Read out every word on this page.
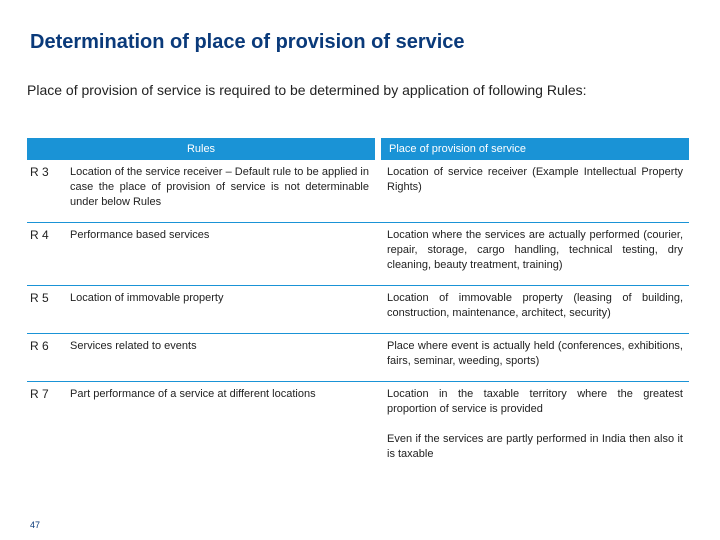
Determination of place of provision of service
Place of provision of service is required to be determined by application of following Rules:
Rules			Place of provision of service
R 3	Location of the service receiver – Default rule to be applied in case the place of provision of service is not determinable under below Rules		Location of service receiver (Example Intellectual Property Rights)
R 4	Performance based services		Location where the services are actually performed (courier, repair, storage, cargo handling, technical testing, dry cleaning, beauty treatment, training)
R 5	Location of immovable property		Location of immovable property (leasing of building, construction, maintenance, architect, security)
R 6	Services related to events		Place where event is actually held (conferences, exhibitions, fairs, seminar, weeding, sports)
R 7	Part performance of a service at different locations		Location in the taxable territory where the greatest proportion of service is provided
Even if the services are partly performed in India then also it is taxable
47
